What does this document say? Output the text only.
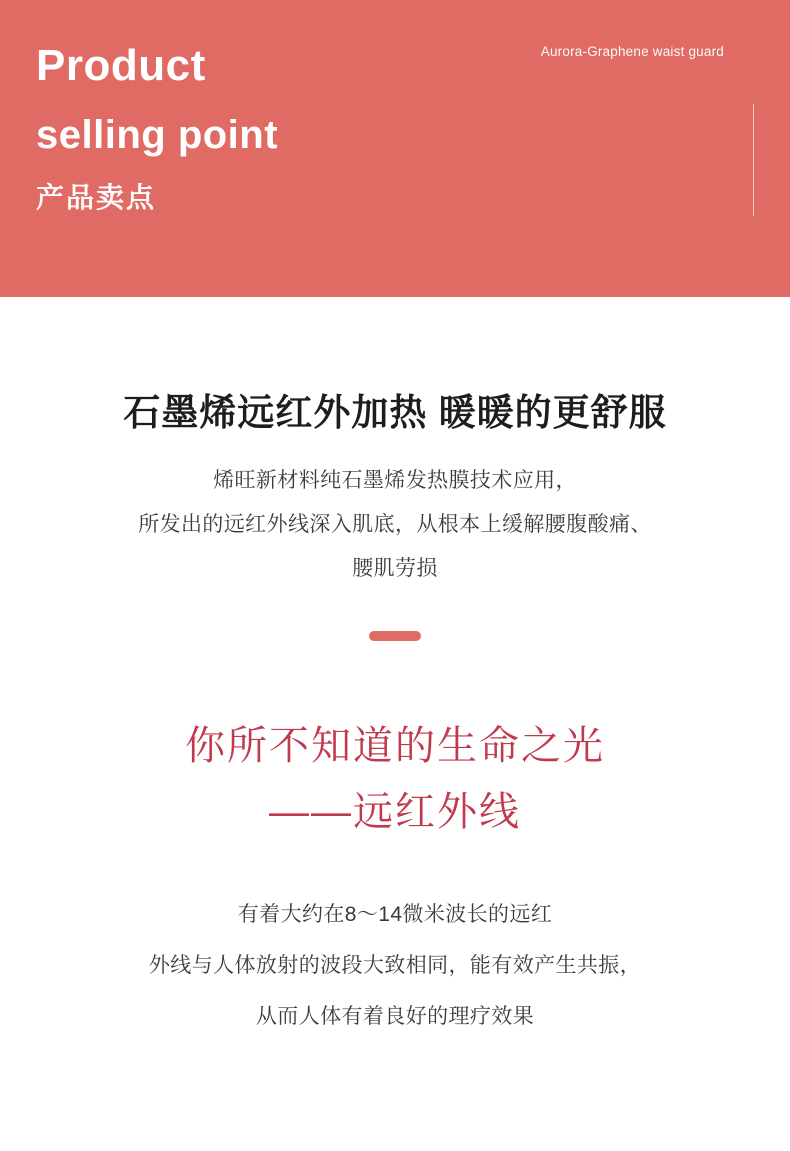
Product
selling point
产品卖点
Aurora-Graphene waist guard
石墨烯远红外加热 暖暖的更舒服

烯旺新材料纯石墨烯发热膜技术应用，

所发出的远红外线深入肌底，从根本上缓解腰腹酸痛、

腰肌劳损

你所不知道的生命之光
——远红外线

有着大约在8～14微米波长的远红

外线与人体放射的波段大致相同，能有效产生共振，

从而人体有着良好的理疗效果
